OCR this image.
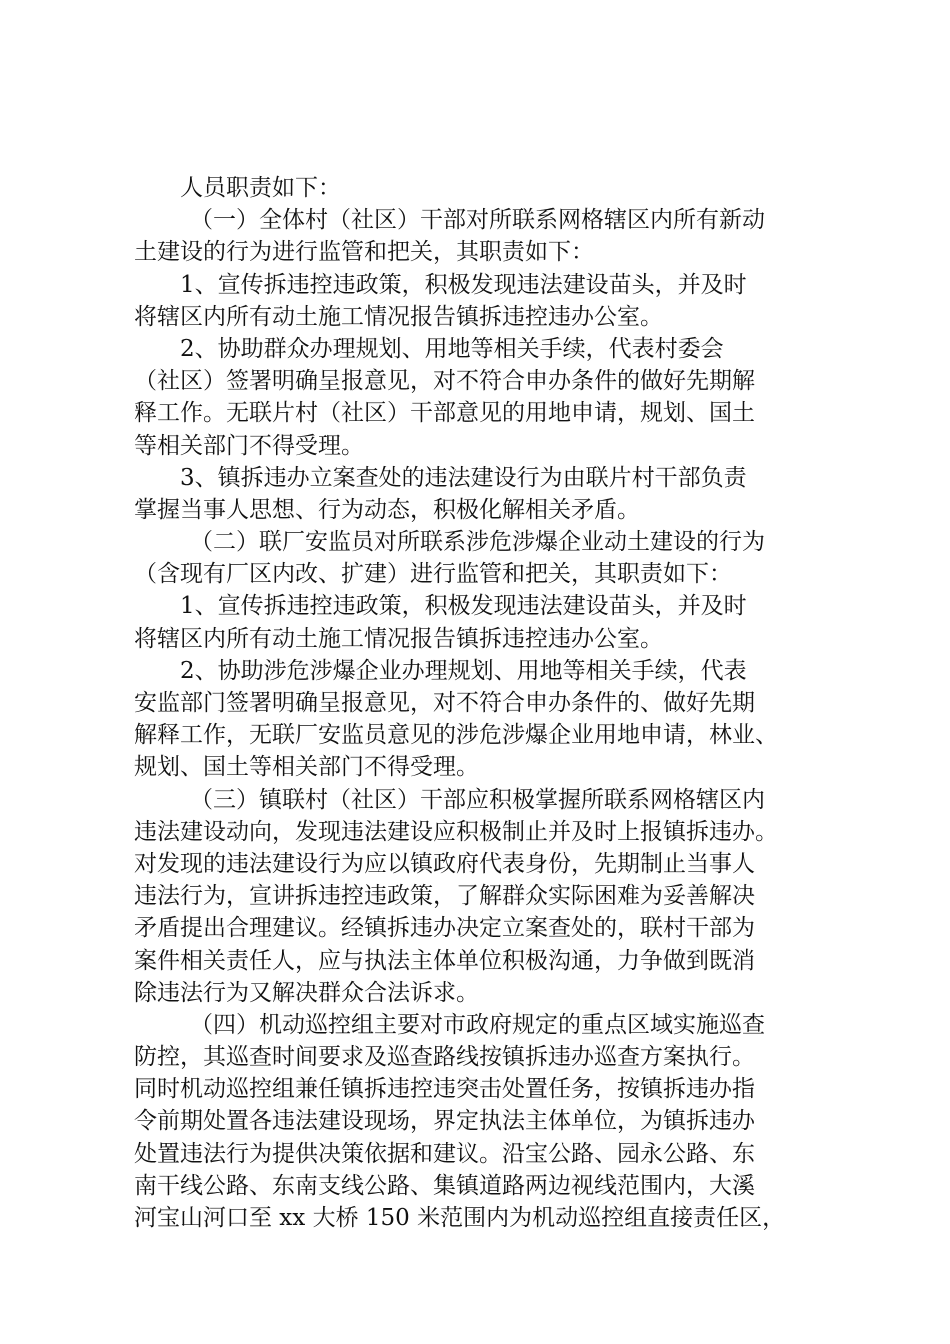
人员职责如下：

（一）全体村（社区）干部对所联系网格辖区内所有新动
土建设的行为进行监管和把关，其职责如下：

1、宣传拆违控违政策，积极发现违法建设苗头，并及时
将辖区内所有动土施工情况报告镇拆违控违办公室。

2、协助群众办理规划、用地等相关手续，代表村委会
（社区）签署明确呈报意见，对不符合申办条件的做好先期解
释工作。无联片村（社区）干部意见的用地申请，规划、国土
等相关部门不得受理。

3、镇拆违办立案查处的违法建设行为由联片村干部负责
掌握当事人思想、行为动态，积极化解相关矛盾。

（二）联厂安监员对所联系涉危涉爆企业动土建设的行为
（含现有厂区内改、扩建）进行监管和把关，其职责如下：

1、宣传拆违控违政策，积极发现违法建设苗头，并及时
将辖区内所有动土施工情况报告镇拆违控违办公室。

2、协助涉危涉爆企业办理规划、用地等相关手续，代表
安监部门签署明确呈报意见，对不符合申办条件的、做好先期
解释工作，无联厂安监员意见的涉危涉爆企业用地申请，林业、
规划、国土等相关部门不得受理。

（三）镇联村（社区）干部应积极掌握所联系网格辖区内
违法建设动向，发现违法建设应积极制止并及时上报镇拆违办。
对发现的违法建设行为应以镇政府代表身份，先期制止当事人
违法行为，宣讲拆违控违政策，了解群众实际困难为妥善解决
矛盾提出合理建议。经镇拆违办决定立案查处的，联村干部为
案件相关责任人，应与执法主体单位积极沟通，力争做到既消
除违法行为又解决群众合法诉求。

（四）机动巡控组主要对市政府规定的重点区域实施巡查
防控，其巡查时间要求及巡查路线按镇拆违办巡查方案执行。
同时机动巡控组兼任镇拆违控违突击处置任务，按镇拆违办指
令前期处置各违法建设现场，界定执法主体单位，为镇拆违办
处置违法行为提供决策依据和建议。沿宝公路、园永公路、东
南干线公路、东南支线公路、集镇道路两边视线范围内，大溪
河宝山河口至 xx 大桥 150 米范围内为机动巡控组直接责任区，
